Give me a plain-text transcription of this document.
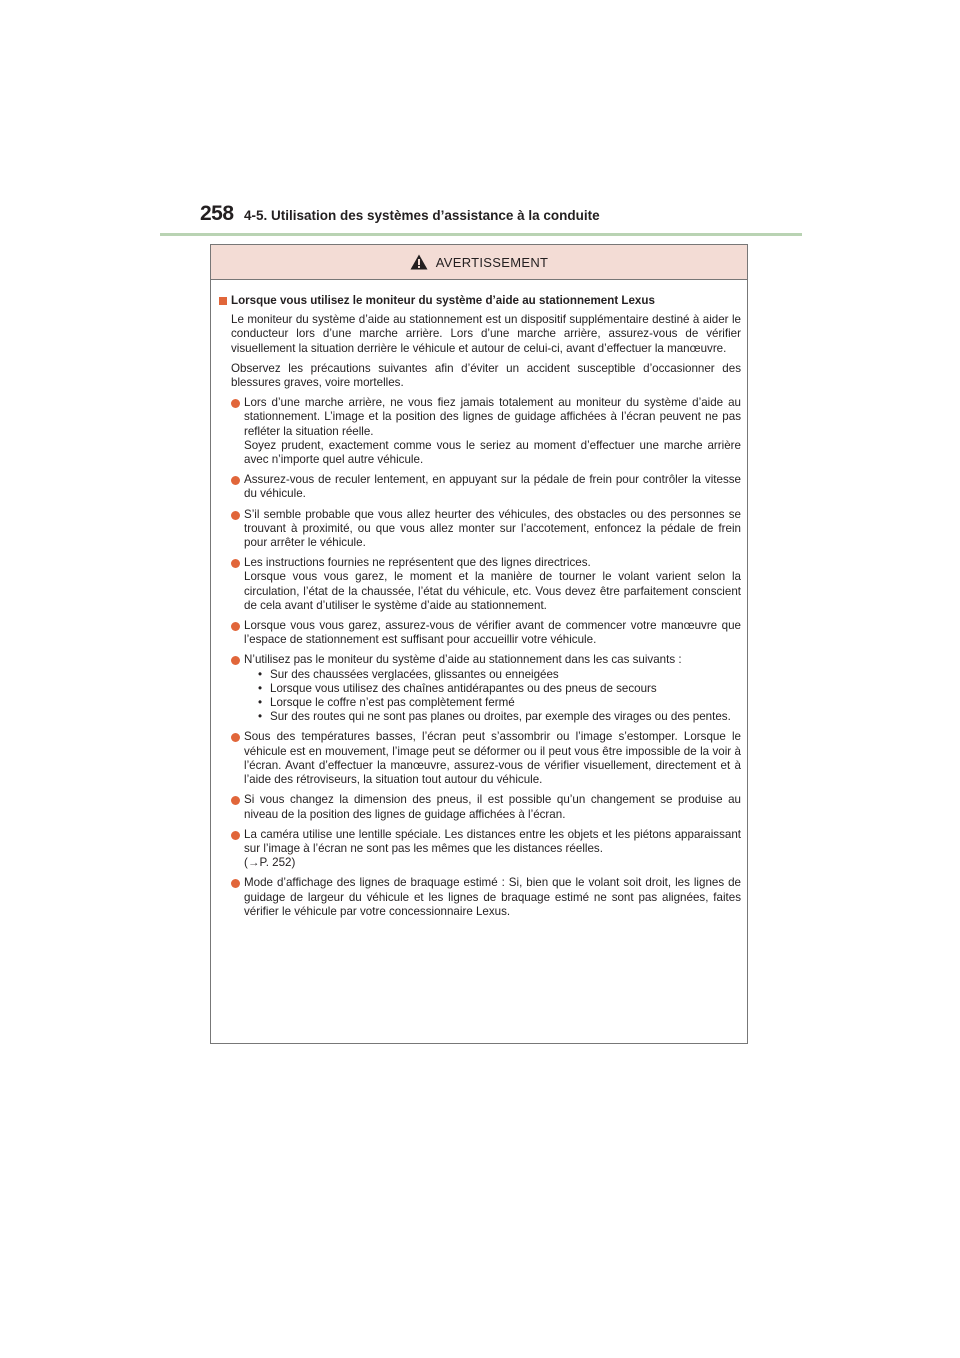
258 4-5. Utilisation des systèmes d’assistance à la conduite
AVERTISSEMENT
Lorsque vous utilisez le moniteur du système d’aide au stationnement Lexus

Le moniteur du système d’aide au stationnement est un dispositif supplémentaire destiné à aider le conducteur lors d’une marche arrière. Lors d’une marche arrière, assurez-vous de vérifier visuellement la situation derrière le véhicule et autour de celui-ci, avant d’effectuer la manœuvre.

Observez les précautions suivantes afin d’éviter un accident susceptible d’occasionner des blessures graves, voire mortelles.

Lors d’une marche arrière, ne vous fiez jamais totalement au moniteur du système d’aide au stationnement. L’image et la position des lignes de guidage affichées à l’écran peuvent ne pas refléter la situation réelle.
Soyez prudent, exactement comme vous le seriez au moment d’effectuer une marche arrière avec n’importe quel autre véhicule.
Assurez-vous de reculer lentement, en appuyant sur la pédale de frein pour contrôler la vitesse du véhicule.
S’il semble probable que vous allez heurter des véhicules, des obstacles ou des personnes se trouvant à proximité, ou que vous allez monter sur l’accotement, enfoncez la pédale de frein pour arrêter le véhicule.
Les instructions fournies ne représentent que des lignes directrices.
Lorsque vous vous garez, le moment et la manière de tourner le volant varient selon la circulation, l’état de la chaussée, l’état du véhicule, etc. Vous devez être parfaitement conscient de cela avant d’utiliser le système d’aide au stationnement.
Lorsque vous vous garez, assurez-vous de vérifier avant de commencer votre manœuvre que l’espace de stationnement est suffisant pour accueillir votre véhicule.
N’utilisez pas le moniteur du système d’aide au stationnement dans les cas suivants :
• Sur des chaussées verglacées, glissantes ou enneigées
• Lorsque vous utilisez des chaînes antidérapantes ou des pneus de secours
• Lorsque le coffre n’est pas complètement fermé
• Sur des routes qui ne sont pas planes ou droites, par exemple des virages ou des pentes.
Sous des températures basses, l’écran peut s’assombrir ou l’image s’estomper. Lorsque le véhicule est en mouvement, l’image peut se déformer ou il peut vous être impossible de la voir à l’écran. Avant d’effectuer la manœuvre, assurez-vous de vérifier visuellement, directement et à l’aide des rétroviseurs, la situation tout autour du véhicule.
Si vous changez la dimension des pneus, il est possible qu’un changement se produise au niveau de la position des lignes de guidage affichées à l’écran.
La caméra utilise une lentille spéciale. Les distances entre les objets et les piétons apparaissant sur l’image à l’écran ne sont pas les mêmes que les distances réelles.
(→P. 252)
Mode d’affichage des lignes de braquage estimé : Si, bien que le volant soit droit, les lignes de guidage de largeur du véhicule et les lignes de braquage estimé ne sont pas alignées, faites vérifier le véhicule par votre concessionnaire Lexus.
